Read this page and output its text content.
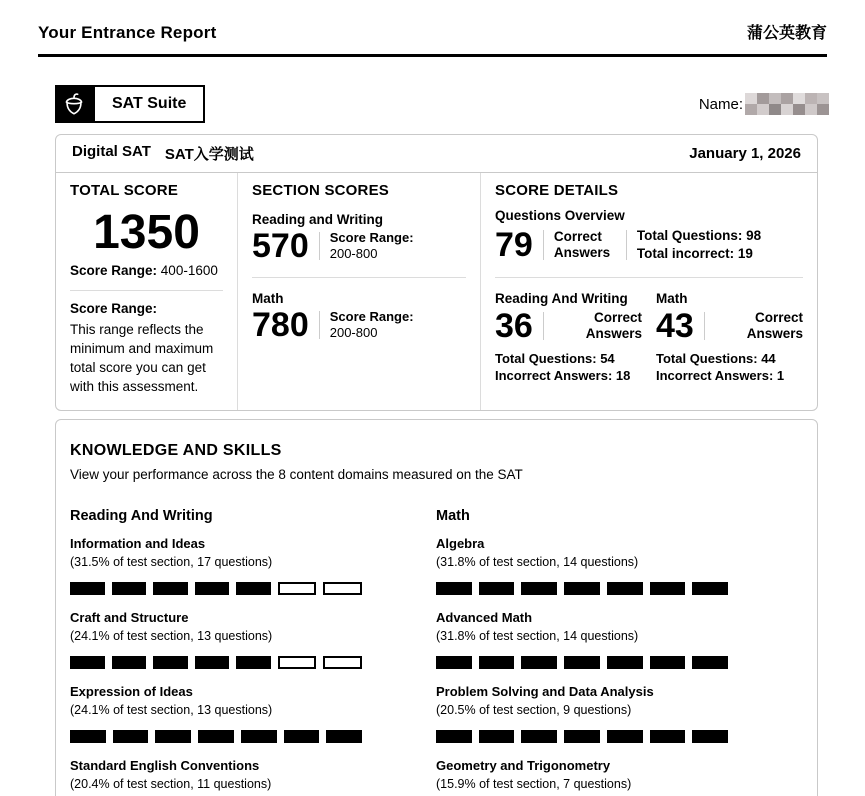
Your Entrance Report	蒲公英教育
SAT Suite	Name:
Digital SAT SAT入学测试	January 1, 2026
TOTAL SCORE
1350
Score Range: 400-1600
Score Range:
This range reflects the minimum and maximum total score you can get with this assessment.
SECTION SCORES
Reading and Writing
570 Score Range:
200-800
Math
780 Score Range:
200-800
SCORE DETAILS
Questions Overview
79 Correct Answers
Total Questions: 98
Total incorrect: 19
Reading And Writing
36	Correct Answers
Total Questions: 54
Incorrect Answers: 18
Math
43	Correct Answers
Total Questions: 44
Incorrect Answers: 1
KNOWLEDGE AND SKILLS

View your performance across the 8 content domains measured on the SAT

Reading And Writing
Information and Ideas
(31.5% of test section, 17 questions)
Craft and Structure
(24.1% of test section, 13 questions)
Expression of Ideas
(24.1% of test section, 13 questions)
Standard English Conventions
(20.4% of test section, 11 questions)
Math
Algebra
(31.8% of test section, 14 questions)
Advanced Math
(31.8% of test section, 14 questions)
Problem Solving and Data Analysis
(20.5% of test section, 9 questions)
Geometry and Trigonometry
(15.9% of test section, 7 questions)
